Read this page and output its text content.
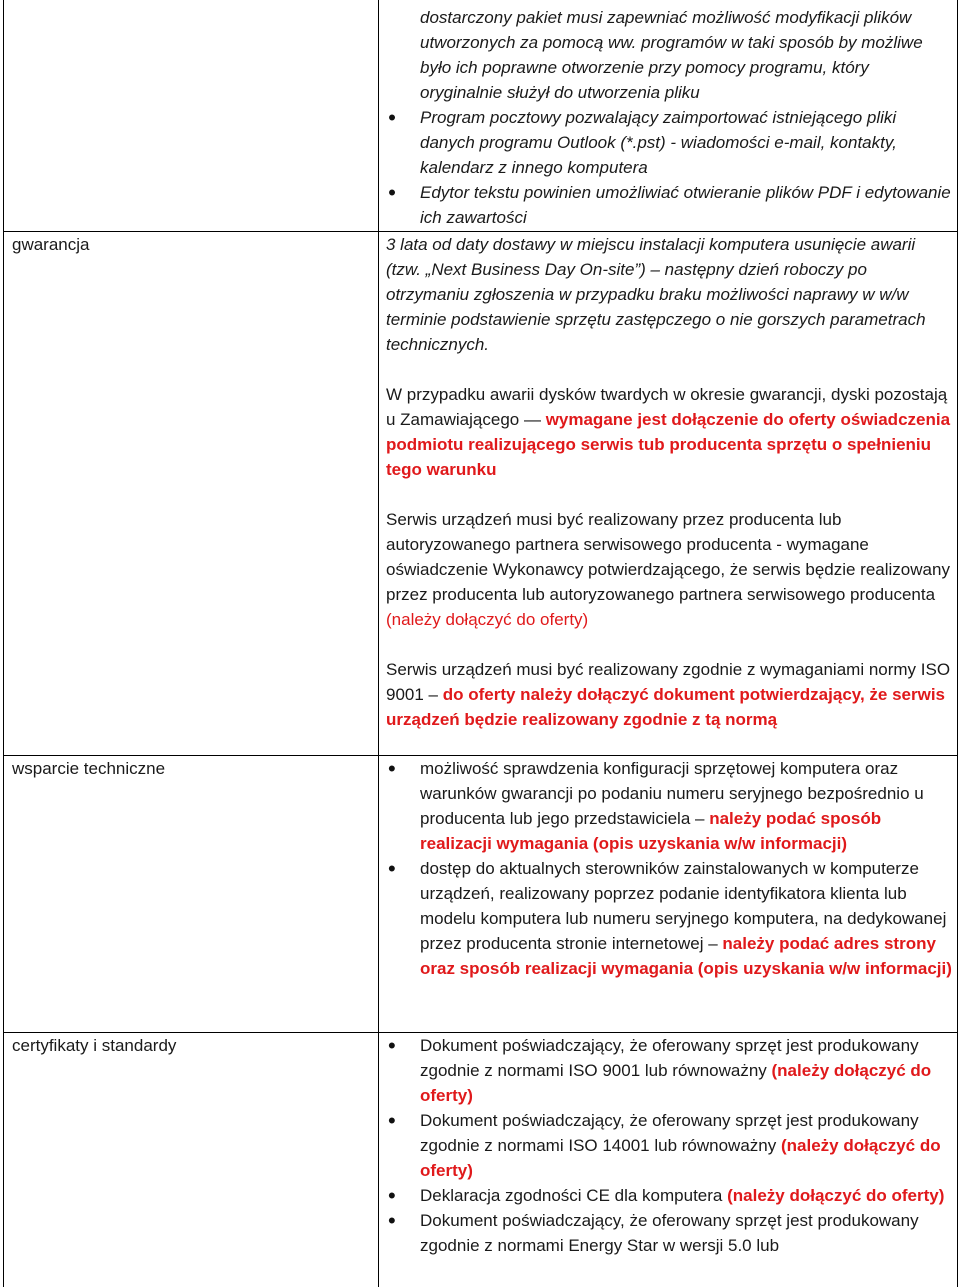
dostarczony pakiet musi zapewniać możliwość modyfikacji plików utworzonych za pomocą ww. programów w taki sposób by możliwe było ich poprawne otworzenie przy pomocy programu, który oryginalnie służył do utworzenia pliku
• Program pocztowy pozwalający zaimportować istniejącego pliki danych programu Outlook (*.pst) - wiadomości e-mail, kontakty, kalendarz z innego komputera
• Edytor tekstu powinien umożliwiać otwieranie plików PDF i edytowanie ich zawartości
gwarancja	3 lata od daty dostawy w miejscu instalacji komputera usunięcie awarii (tzw. „Next Business Day On-site”) – następny dzień roboczy po otrzymaniu zgłoszenia w przypadku braku możliwości naprawy w w/w terminie podstawienie sprzętu zastępczego o nie gorszych parametrach technicznych.

W przypadku awarii dysków twardych w okresie gwarancji, dyski pozostają u Zamawiającego — wymagane jest dołączenie do oferty oświadczenia podmiotu realizującego serwis tub producenta sprzętu o spełnieniu tego warunku

Serwis urządzeń musi być realizowany przez producenta lub autoryzowanego partnera serwisowego producenta - wymagane oświadczenie Wykonawcy potwierdzającego, że serwis będzie realizowany przez producenta lub autoryzowanego partnera serwisowego producenta (należy dołączyć do oferty)

Serwis urządzeń musi być realizowany zgodnie z wymaganiami normy ISO 9001 – do oferty należy dołączyć dokument potwierdzający, że serwis urządzeń będzie realizowany zgodnie z tą normą

wsparcie techniczne	• możliwość sprawdzenia konfiguracji sprzętowej komputera oraz warunków gwarancji po podaniu numeru seryjnego bezpośrednio u producenta lub jego przedstawiciela – należy podać sposób realizacji wymagania (opis uzyskania w/w informacji)
• dostęp do aktualnych sterowników zainstalowanych w komputerze urządzeń, realizowany poprzez podanie identyfikatora klienta lub modelu komputera lub numeru seryjnego komputera, na dedykowanej przez producenta stronie internetowej – należy podać adres strony oraz sposób realizacji wymagania (opis uzyskania w/w informacji)
certyfikaty i standardy	• Dokument poświadczający, że oferowany sprzęt jest produkowany zgodnie z normami ISO 9001 lub równoważny (należy dołączyć do oferty)
• Dokument poświadczający, że oferowany sprzęt jest produkowany zgodnie z normami ISO 14001 lub równoważny (należy dołączyć do oferty)
• Deklaracja zgodności CE dla komputera (należy dołączyć do oferty)
• Dokument poświadczający, że oferowany sprzęt jest produkowany zgodnie z normami Energy Star w wersji 5.0 lub
